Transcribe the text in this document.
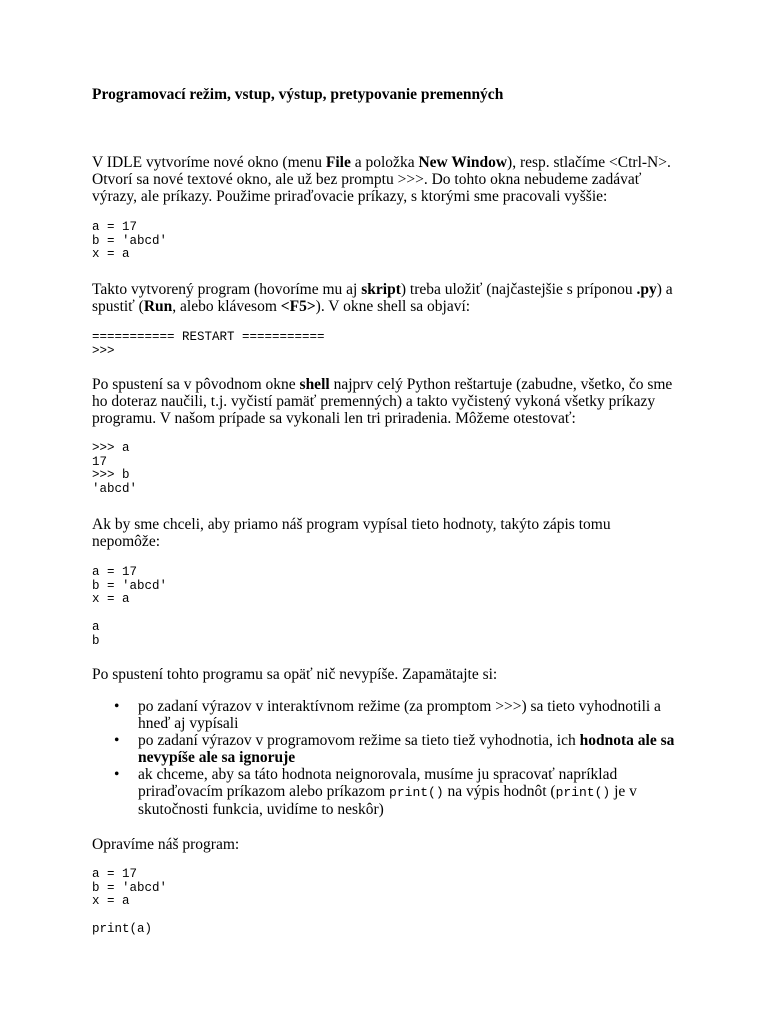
Programovací režim, vstup, výstup, pretypovanie premenných
V IDLE vytvoríme nové okno (menu File a položka New Window), resp. stlačíme <Ctrl-N>. Otvorí sa nové textové okno, ale už bez promptu >>>. Do tohto okna nebudeme zadávať výrazy, ale príkazy. Použime priraďovacie príkazy, s ktorými sme pracovali vyššie:
a = 17
b = 'abcd'
x = a
Takto vytvorený program (hovoríme mu aj skript) treba uložiť (najčastejšie s príponou .py) a spustiť (Run, alebo klávesom <F5>). V okne shell sa objaví:
=========== RESTART ===========
>>>
Po spustení sa v pôvodnom okne shell najprv celý Python reštartuje (zabudne, všetko, čo sme ho doteraz naučili, t.j. vyčistí pamäť premenných) a takto vyčistený vykoná všetky príkazy programu. V našom prípade sa vykonali len tri priradenia. Môžeme otestovať:
>>> a
17
>>> b
'abcd'
Ak by sme chceli, aby priamo náš program vypísal tieto hodnoty, takýto zápis tomu nepomôže:
a = 17
b = 'abcd'
x = a
a
b
Po spustení tohto programu sa opäť nič nevypíše. Zapamätajte si:
• po zadaní výrazov v interaktívnom režime (za promptom >>>) sa tieto vyhodnotili a hneď aj vypísali
• po zadaní výrazov v programovom režime sa tieto tiež vyhodnotia, ich hodnota ale sa nevypíše ale sa ignoruje
• ak chceme, aby sa táto hodnota neignorovala, musíme ju spracovať napríklad priraďovacím príkazom alebo príkazom print() na výpis hodnôt (print() je v skutočnosti funkcia, uvidíme to neskôr)
Opravíme náš program:
a = 17
b = 'abcd'
x = a
print(a)
